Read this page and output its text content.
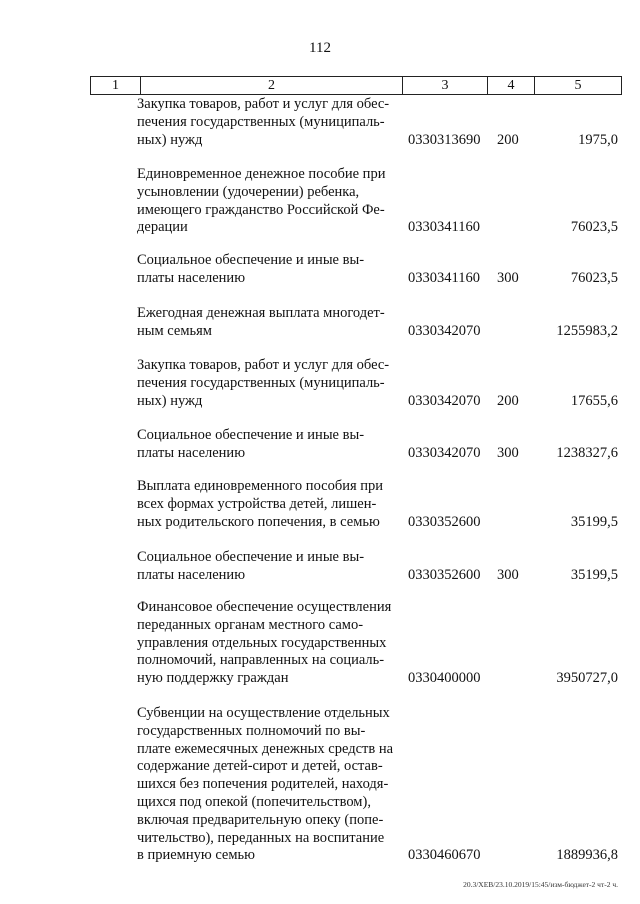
112
1	2	3	4	5
Закупка товаров, работ и услуг для обес-
печения государственных (муниципаль-
ных) нужд	0330313690 200	1975,0
Единовременное денежное пособие при
усыновлении (удочерении) ребенка,
имеющего гражданство Российской Фе-
дерации	0330341160	76023,5
Социальное обеспечение и иные вы-
платы населению	0330341160 300	76023,5
Ежегодная денежная выплата многодет-
ным семьям	0330342070	1255983,2
Закупка товаров, работ и услуг для обес-
печения государственных (муниципаль-
ных) нужд	0330342070 200	17655,6
Социальное обеспечение и иные вы-
платы населению	0330342070 300	1238327,6
Выплата единовременного пособия при
всех формах устройства детей, лишен-
ных родительского попечения, в семью	0330352600	35199,5
Социальное обеспечение и иные вы-
платы населению	0330352600 300	35199,5
Финансовое обеспечение осуществления
переданных органам местного само-
управления отдельных государственных
полномочий, направленных на социаль-
ную поддержку граждан	0330400000	3950727,0
Субвенции на осуществление отдельных
государственных полномочий по вы-
плате ежемесячных денежных средств на
содержание детей-сирот и детей, остав-
шихся без попечения родителей, находя-
щихся под опекой (попечительством),
включая предварительную опеку (попе-
чительство), переданных на воспитание
в приемную семью	0330460670	1889936,8
20.3/ХЕВ/23.10.2019/15:45/изм-бюджет-2 чт-2 ч.
